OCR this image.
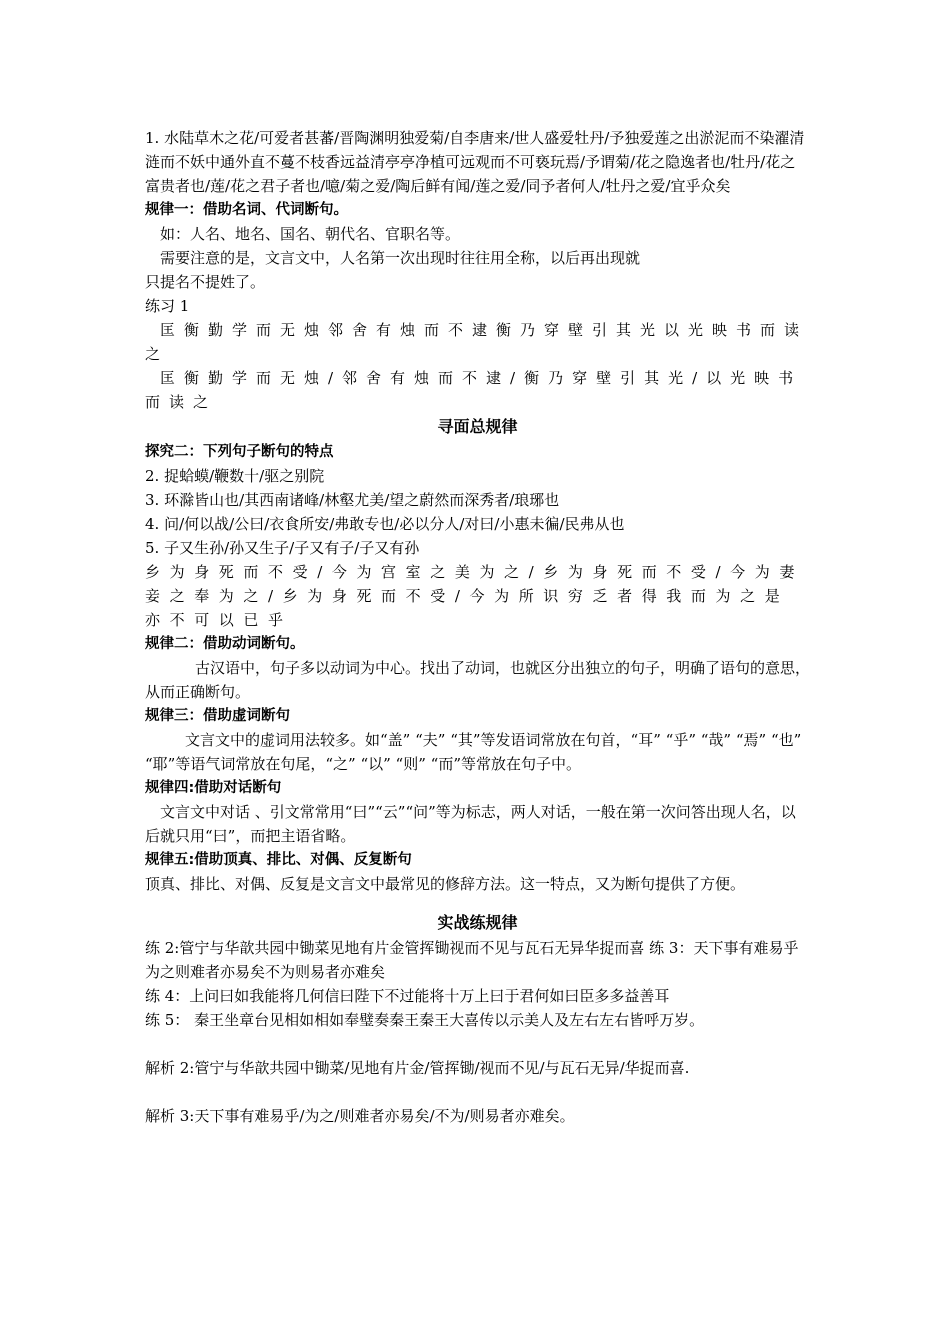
1. 水陆草木之花/可爱者甚蕃/晋陶渊明独爱菊/自李唐来/世人盛爱牡丹/予独爱莲之出淤泥而不染濯清涟而不妖中通外直不蔓不枝香远益清亭亭净植可远观而不可亵玩焉/予谓菊/花之隐逸者也/牡丹/花之富贵者也/莲/花之君子者也/噫/菊之爱/陶后鲜有闻/莲之爱/同予者何人/牡丹之爱/宜乎众矣

规律一：借助名词、代词断句。

如：人名、地名、国名、朝代名、官职名等。

需要注意的是，文言文中，人名第一次出现时往往用全称，以后再出现就

只提名不提姓了。

练习 1

匡衡勤学而无烛邻舍有烛而不逮衡乃穿壁引其光以光映书而读之

匡衡勤学而无烛/邻舍有烛而不逮/衡乃穿壁引其光/以光映书而读之

寻面总规律

探究二：下列句子断句的特点

2. 捉蛤蟆/鞭数十/驱之别院

3. 环滁皆山也/其西南诸峰/林壑尤美/望之蔚然而深秀者/琅琊也

4. 问/何以战/公曰/衣食所安/弗敢专也/必以分人/对曰/小惠未徧/民弗从也

5. 子又生孙/孙又生子/子又有子/子又有孙

乡为身死而不受/今为宫室之美为之/乡为身死而不受/今为妻妾之奉为之/乡为身死而不受/今为所识穷乏者得我而为之是亦不可以已乎

规律二：借助动词断句。

古汉语中，句子多以动词为中心。找出了动词，也就区分出独立的句子，明确了语句的意思，从而正确断句。

规律三：借助虚词断句

文言文中的虚词用法较多。如“盖” “夫” “其”等发语词常放在句首，“耳” “乎” “哉” “焉” “也” “耶”等语气词常放在句尾，“之” “以” “则” “而”等常放在句子中。

规律四:借助对话断句

文言文中对话 、引文常常用“曰”“云”“问”等为标志，两人对话，一般在第一次问答出现人名，以后就只用“曰”，而把主语省略。

规律五:借助顶真、排比、对偶、反复断句

顶真、排比、对偶、反复是文言文中最常见的修辞方法。这一特点，又为断句提供了方便。

实战练规律

练 2:管宁与华歆共园中锄菜见地有片金管挥锄视而不见与瓦石无异华捉而喜 练 3：天下事有难易乎为之则难者亦易矣不为则易者亦难矣

练 4：上问曰如我能将几何信曰陛下不过能将十万上曰于君何如曰臣多多益善耳

练 5： 秦王坐章台见相如相如奉璧奏秦王秦王大喜传以示美人及左右左右皆呼万岁。

解析 2:管宁与华歆共园中锄菜/见地有片金/管挥锄/视而不见/与瓦石无异/华捉而喜.

解析 3:天下事有难易乎/为之/则难者亦易矣/不为/则易者亦难矣。
